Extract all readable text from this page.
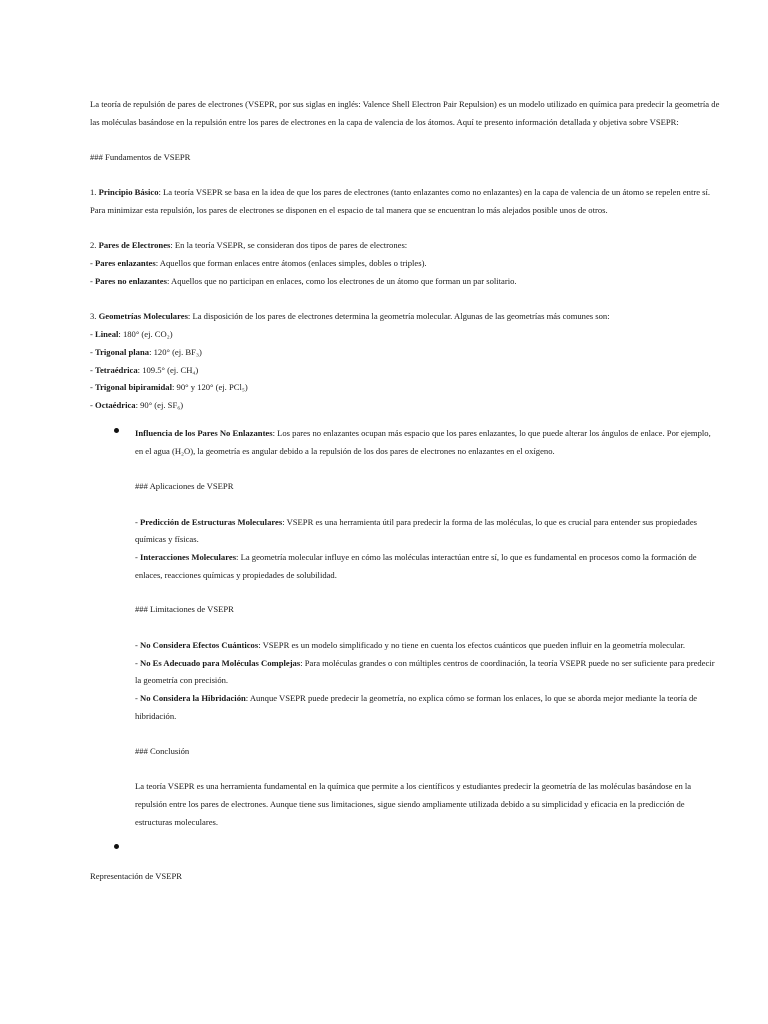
La teoría de repulsión de pares de electrones (VSEPR, por sus siglas en inglés: Valence Shell Electron Pair Repulsion) es un modelo utilizado en química para predecir la geometría de
las moléculas basándose en la repulsión entre los pares de electrones en la capa de valencia de los átomos. Aquí te presento información detallada y objetiva sobre VSEPR:
### Fundamentos de VSEPR
1. Principio Básico: La teoría VSEPR se basa en la idea de que los pares de electrones (tanto enlazantes como no enlazantes) en la capa de valencia de un átomo se repelen entre sí.
Para minimizar esta repulsión, los pares de electrones se disponen en el espacio de tal manera que se encuentran lo más alejados posible unos de otros.
2. Pares de Electrones: En la teoría VSEPR, se consideran dos tipos de pares de electrones:
- Pares enlazantes: Aquellos que forman enlaces entre átomos (enlaces simples, dobles o triples).
- Pares no enlazantes: Aquellos que no participan en enlaces, como los electrones de un átomo que forman un par solitario.
3. Geometrías Moleculares: La disposición de los pares de electrones determina la geometría molecular. Algunas de las geometrías más comunes son:
- Lineal: 180° (ej. CO₂)
- Trigonal plana: 120° (ej. BF₃)
- Tetraédrica: 109.5° (ej. CH₄)
- Trigonal bipiramidal: 90° y 120° (ej. PCl₅)
- Octaédrica: 90° (ej. SF₆)
Influencia de los Pares No Enlazantes: Los pares no enlazantes ocupan más espacio que los pares enlazantes, lo que puede alterar los ángulos de enlace. Por ejemplo,
en el agua (H₂O), la geometría es angular debido a la repulsión de los dos pares de electrones no enlazantes en el oxígeno.
### Aplicaciones de VSEPR
- Predicción de Estructuras Moleculares: VSEPR es una herramienta útil para predecir la forma de las moléculas, lo que es crucial para entender sus propiedades
químicas y físicas.
- Interacciones Moleculares: La geometría molecular influye en cómo las moléculas interactúan entre sí, lo que es fundamental en procesos como la formación de
enlaces, reacciones químicas y propiedades de solubilidad.
### Limitaciones de VSEPR
- No Considera Efectos Cuánticos: VSEPR es un modelo simplificado y no tiene en cuenta los efectos cuánticos que pueden influir en la geometría molecular.
- No Es Adecuado para Moléculas Complejas: Para moléculas grandes o con múltiples centros de coordinación, la teoría VSEPR puede no ser suficiente para predecir
la geometría con precisión.
- No Considera la Hibridación: Aunque VSEPR puede predecir la geometría, no explica cómo se forman los enlaces, lo que se aborda mejor mediante la teoría de
hibridación.
### Conclusión
La teoría VSEPR es una herramienta fundamental en la química que permite a los científicos y estudiantes predecir la geometría de las moléculas basándose en la
repulsión entre los pares de electrones. Aunque tiene sus limitaciones, sigue siendo ampliamente utilizada debido a su simplicidad y eficacia en la predicción de
estructuras moleculares.
Representación de VSEPR
